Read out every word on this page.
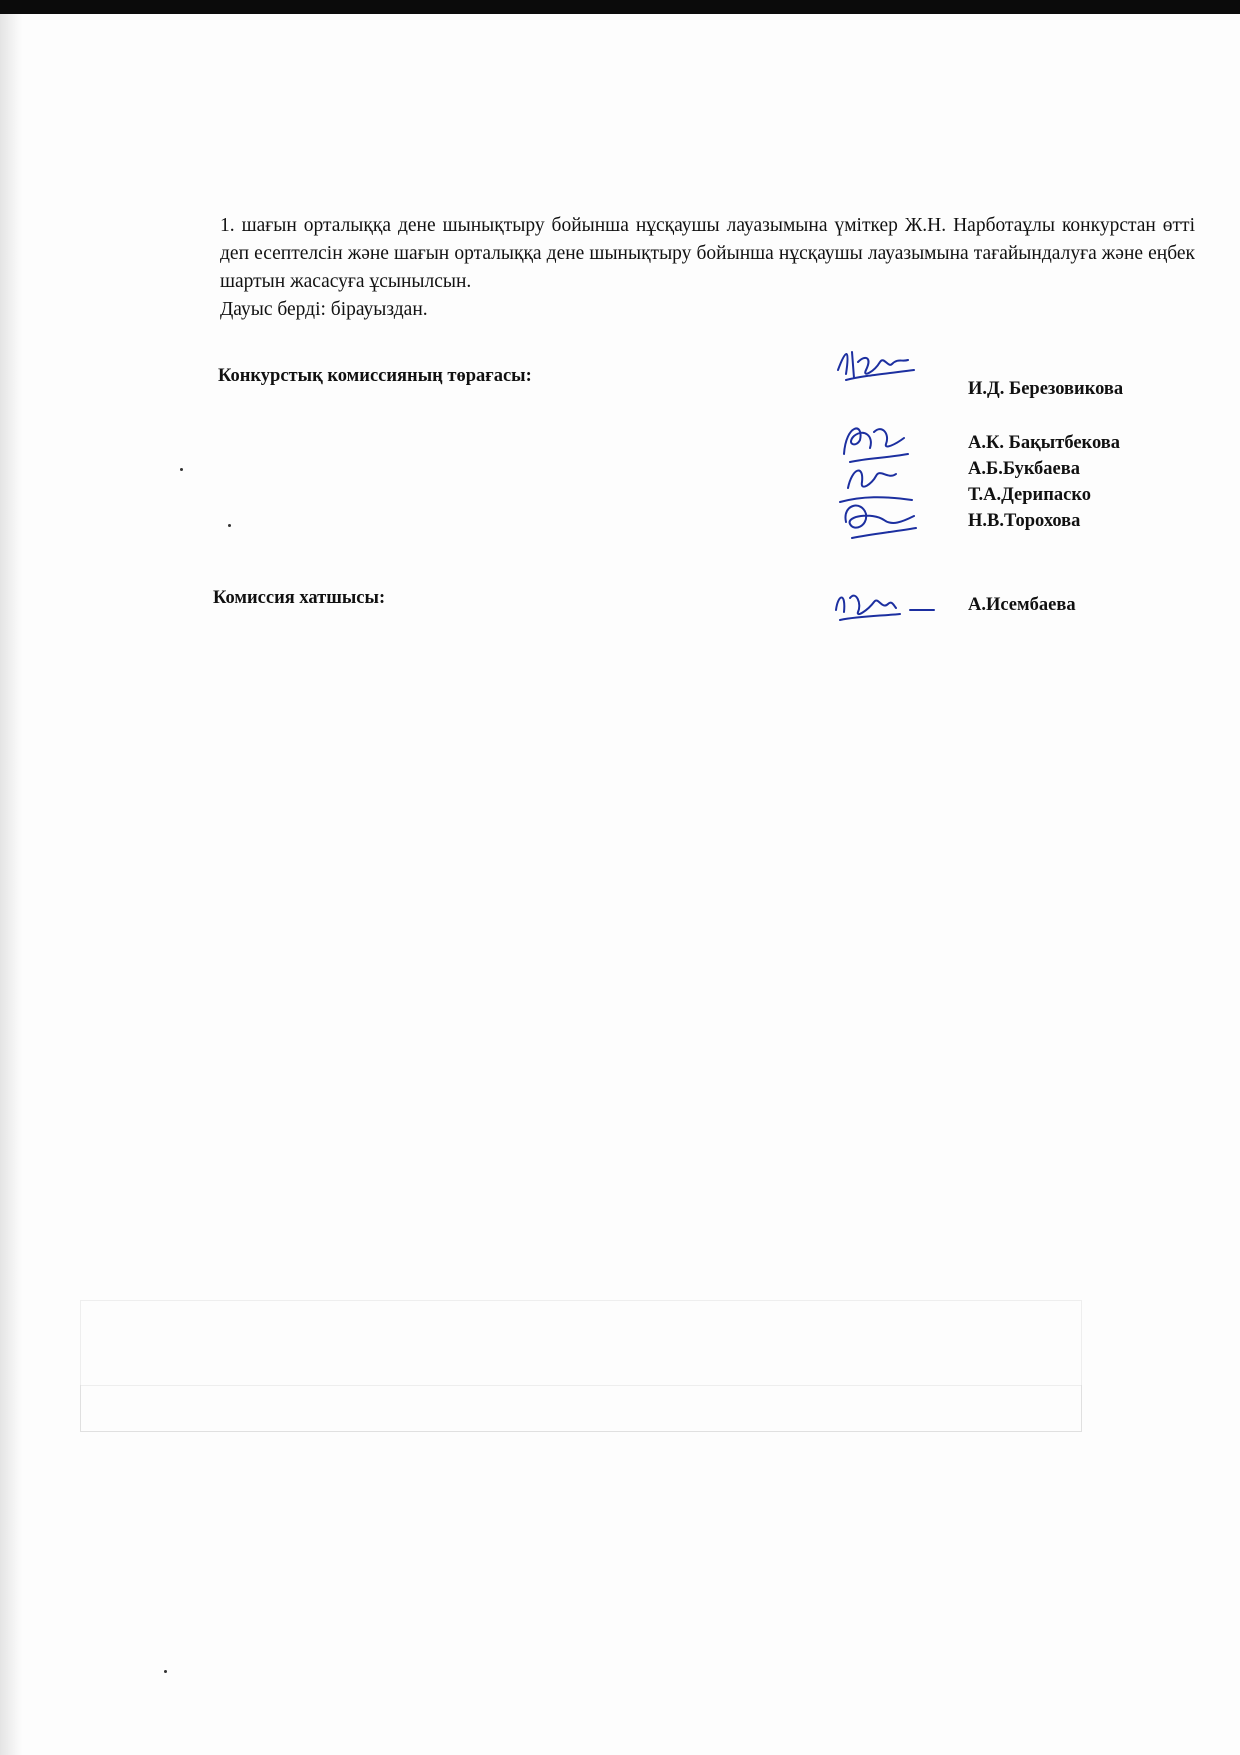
1. шағын орталыққа дене шынықтыру бойынша нұсқаушы лауазымына үміткер Ж.Н. Нарботаұлы конкурстан өтті деп есептелсін және шағын орталыққа дене шынықтыру бойынша нұсқаушы лауазымына тағайындалуға және еңбек шартын жасасуға ұсынылсын.

Дауыс берді: бірауыздан.

Конкурстық комиссияның төрағасы:
И.Д. Березовикова
А.К. Бақытбекова
А.Б.Букбаева
Т.А.Дерипаско
Н.В.Торохова
Комиссия хатшысы:	А.Исембаева
